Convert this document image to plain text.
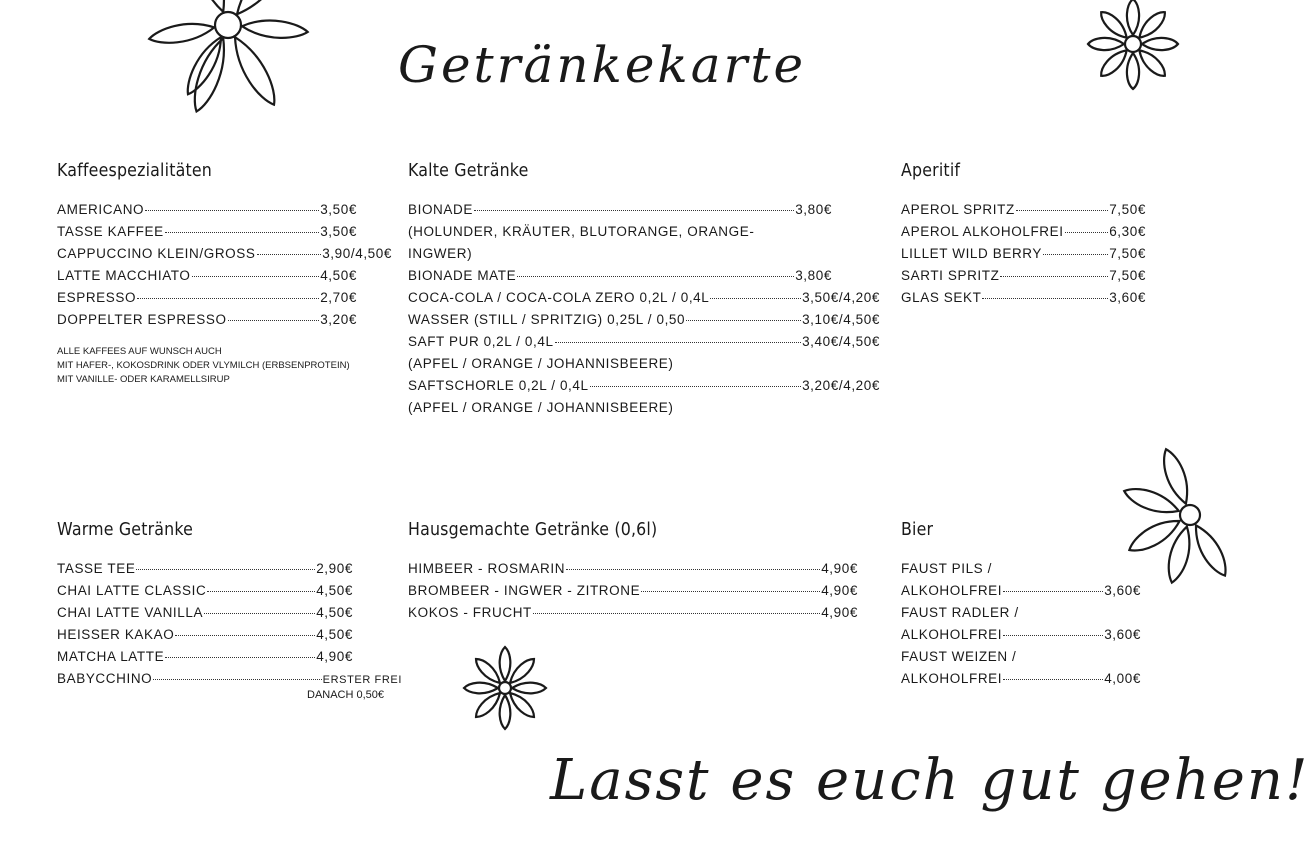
Getränkekarte
Kaffeespezialitäten
AMERICANO	3,50€
TASSE KAFFEE	3,50€
CAPPUCCINO KLEIN/GROSS	3,90/4,50€
LATTE MACCHIATO	4,50€
ESPRESSO	2,70€
DOPPELTER ESPRESSO	3,20€
ALLE KAFFEES AUF WUNSCH AUCH
MIT HAFER-, KOKOSDRINK ODER VLYMILCH (ERBSENPROTEIN)
MIT VANILLE- ODER KARAMELLSIRUP
Kalte Getränke
BIONADE	3,80€
(HOLUNDER, KRÄUTER, BLUTORANGE, ORANGE-INGWER)
BIONADE MATE	3,80€
COCA-COLA / COCA-COLA ZERO 0,2L / 0,4L	3,50€/4,20€
WASSER (STILL / SPRITZIG) 0,25L / 0,50	3,10€/4,50€
SAFT PUR 0,2L / 0,4L	3,40€/4,50€
(APFEL / ORANGE / JOHANNISBEERE)
SAFTSCHORLE 0,2L / 0,4L	3,20€/4,20€
(APFEL / ORANGE / JOHANNISBEERE)
Aperitif
APEROL SPRITZ	7,50€
APEROL ALKOHOLFREI	6,30€
LILLET WILD BERRY	7,50€
SARTI SPRITZ	7,50€
GLAS SEKT	3,60€
Warme Getränke
TASSE TEE	2,90€
CHAI LATTE CLASSIC	4,50€
CHAI LATTE VANILLA	4,50€
HEISSER KAKAO	4,50€
MATCHA LATTE	4,90€
BABYCCHINO	ERSTER FREI
DANACH 0,50€
Hausgemachte Getränke (0,6l)
HIMBEER - ROSMARIN	4,90€
BROMBEER - INGWER - ZITRONE	4,90€
KOKOS - FRUCHT	4,90€
Bier
FAUST PILS /
ALKOHOLFREI	3,60€
FAUST RADLER /
ALKOHOLFREI	3,60€
FAUST WEIZEN /
ALKOHOLFREI	4,00€
Lasst es euch gut gehen!
